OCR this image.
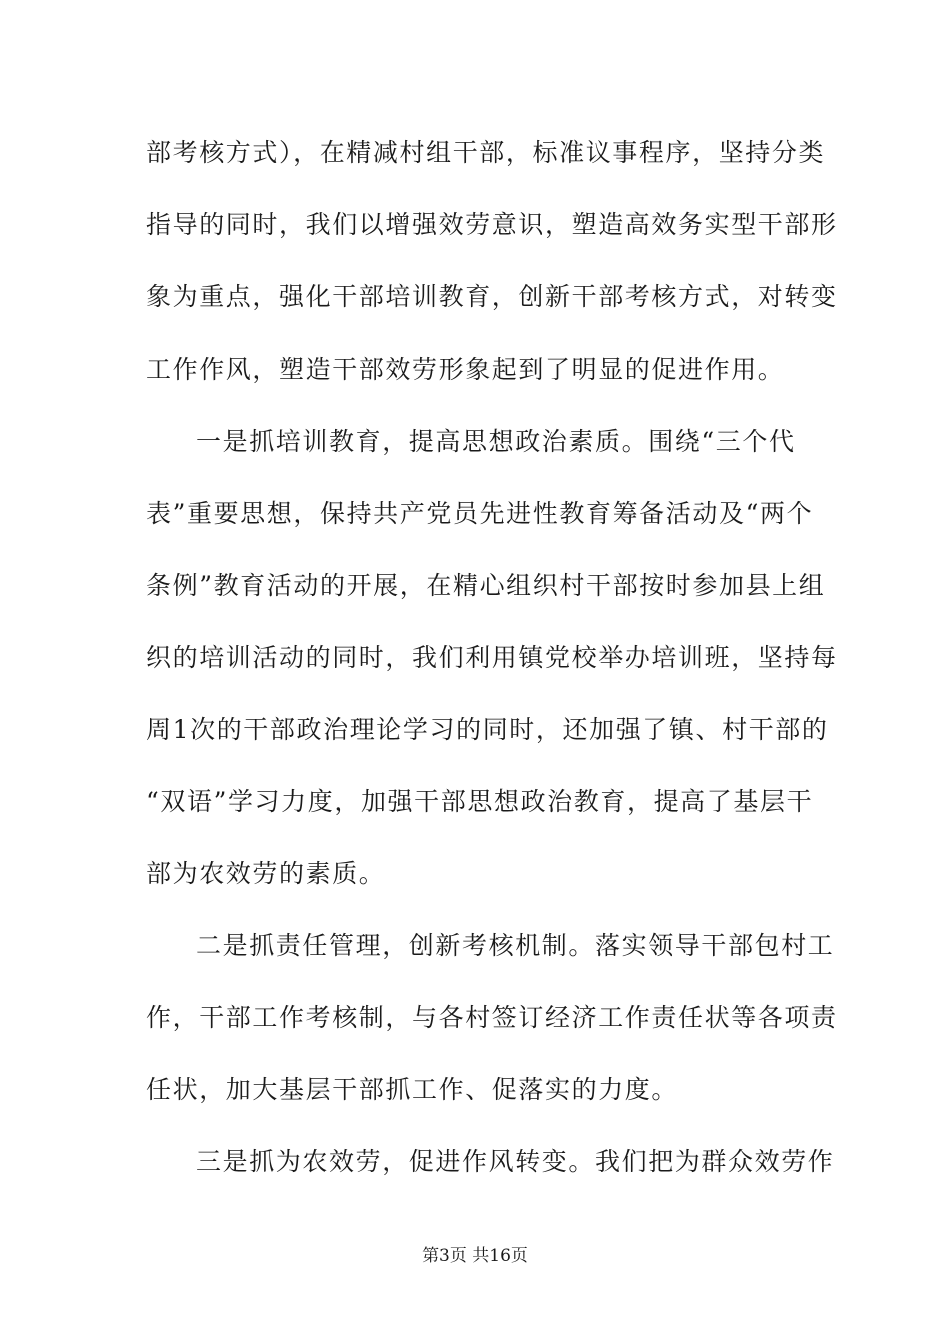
部考核方式），在精减村组干部，标准议事程序，坚持分类
指导的同时，我们以增强效劳意识，塑造高效务实型干部形
象为重点，强化干部培训教育，创新干部考核方式，对转变
工作作风，塑造干部效劳形象起到了明显的促进作用。
一是抓培训教育，提高思想政治素质。围绕“三个代
表”重要思想，保持共产党员先进性教育筹备活动及“两个
条例”教育活动的开展，在精心组织村干部按时参加县上组
织的培训活动的同时，我们利用镇党校举办培训班，坚持每
周1次的干部政治理论学习的同时，还加强了镇、村干部的
“双语”学习力度，加强干部思想政治教育，提高了基层干
部为农效劳的素质。
二是抓责任管理，创新考核机制。落实领导干部包村工
作，干部工作考核制，与各村签订经济工作责任状等各项责
任状，加大基层干部抓工作、促落实的力度。
三是抓为农效劳，促进作风转变。我们把为群众效劳作
第3页 共16页
